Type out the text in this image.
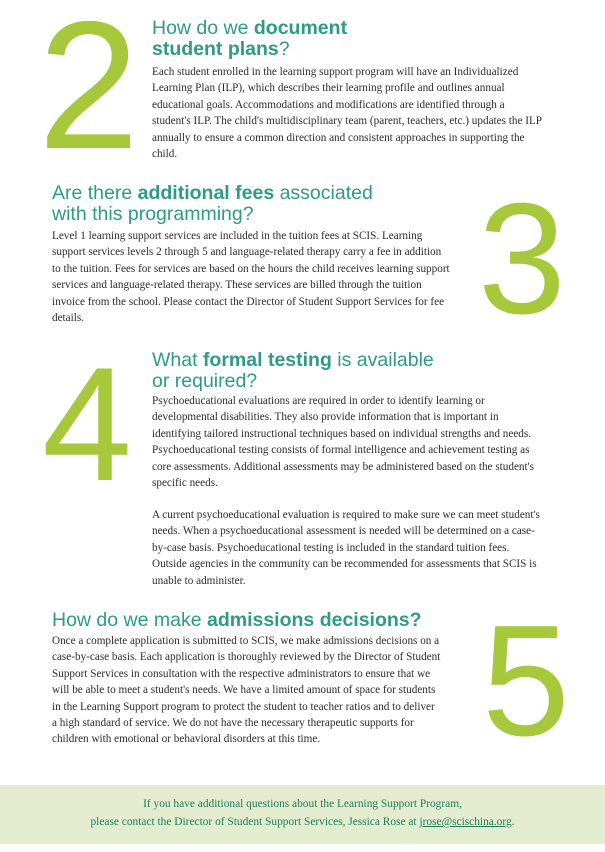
2 How do we document
student plans?

Each student enrolled in the learning support program will have an Individualized Learning Plan (ILP), which describes their learning profile and outlines annual educational goals. Accommodations and modifications are identified through a student's ILP. The child's multidisciplinary team (parent, teachers, etc.) updates the ILP annually to ensure a common direction and consistent approaches in supporting the child.

Are there additional fees associated
with this programming?

Level 1 learning support services are included in the tuition fees at SCIS. Learning support services levels 2 through 5 and language-related therapy carry a fee in addition to the tuition. Fees for services are based on the hours the child receives learning support services and language-related therapy. These services are billed through the tuition invoice from the school. Please contact the Director of Student Support Services for fee details.	3
4 What formal testing is available
or required?

Psychoeducational evaluations are required in order to identify learning or developmental disabilities. They also provide information that is important in identifying tailored instructional techniques based on individual strengths and needs. Psychoeducational testing consists of formal intelligence and achievement testing as core assessments. Additional assessments may be administered based on the student's specific needs.

A current psychoeducational evaluation is required to make sure we can meet student's needs. When a psychoeducational assessment is needed will be determined on a case-by-case basis. Psychoeducational testing is included in the standard tuition fees. Outside agencies in the community can be recommended for assessments that SCIS is unable to administer.

How do we make admissions decisions?

Once a complete application is submitted to SCIS, we make admissions decisions on a case-by-case basis. Each application is thoroughly reviewed by the Director of Student Support Services in consultation with the respective administrators to ensure that we will be able to meet a student's needs. We have a limited amount of space for students in the Learning Support program to protect the student to teacher ratios and to deliver a high standard of service. We do not have the necessary therapeutic supports for children with emotional or behavioral disorders at this time.	5
If you have additional questions about the Learning Support Program,
please contact the Director of Student Support Services, Jessica Rose at jrose@scischina.org.
